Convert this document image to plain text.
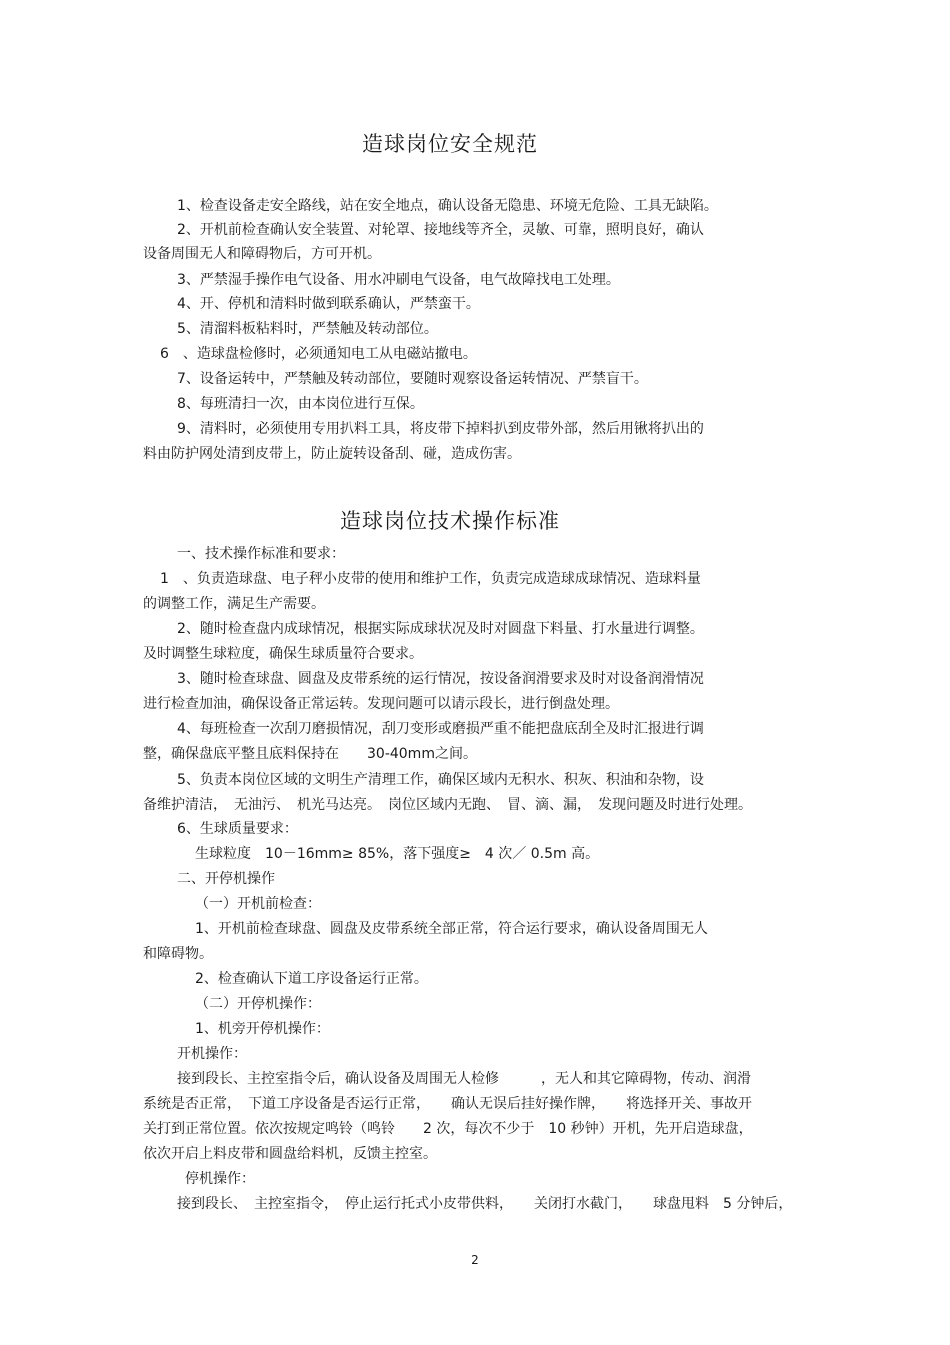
造球岗位安全规范
1、检查设备走安全路线，站在安全地点，确认设备无隐患、环境无危险、工具无缺陷。
2、开机前检查确认安全装置、对轮罩、接地线等齐全，灵敏、可靠，照明良好，确认
设备周围无人和障碍物后，方可开机。
3、严禁湿手操作电气设备、用水冲刷电气设备，电气故障找电工处理。
4、开、停机和清料时做到联系确认，严禁蛮干。
5、清溜料板粘料时，严禁触及转动部位。
6　、造球盘检修时，必须通知电工从电磁站撤电。
7、设备运转中，严禁触及转动部位，要随时观察设备运转情况、严禁盲干。
8、每班清扫一次，由本岗位进行互保。
9、清料时，必须使用专用扒料工具，将皮带下掉料扒到皮带外部，然后用锹将扒出的
料由防护网处清到皮带上，防止旋转设备刮、碰，造成伤害。
造球岗位技术操作标准
一、技术操作标准和要求：
1　、负责造球盘、电子秤小皮带的使用和维护工作，负责完成造球成球情况、造球料量
的调整工作，满足生产需要。
2、随时检查盘内成球情况，根据实际成球状况及时对圆盘下料量、打水量进行调整。
及时调整生球粒度，确保生球质量符合要求。
3、随时检查球盘、圆盘及皮带系统的运行情况，按设备润滑要求及时对设备润滑情况
进行检查加油，确保设备正常运转。发现问题可以请示段长，进行倒盘处理。
4、每班检查一次刮刀磨损情况，刮刀变形或磨损严重不能把盘底刮全及时汇报进行调
整，确保盘底平整且底料保持在　　30-40mm之间。
5、负责本岗位区域的文明生产清理工作，确保区域内无积水、积灰、积油和杂物，设
备维护清洁，　无油污、　机光马达亮。　岗位区域内无跑、　冒、滴、漏，　发现问题及时进行处理。
6、生球质量要求：
生球粒度　10－16mm≥ 85%，落下强度≥　4 次／ 0.5m 高。
二、开停机操作
（一）开机前检查：
1、开机前检查球盘、圆盘及皮带系统全部正常，符合运行要求，确认设备周围无人
和障碍物。
2、检查确认下道工序设备运行正常。
（二）开停机操作：
1、机旁开停机操作：
开机操作：
接到段长、主控室指令后，确认设备及周围无人检修　　　，无人和其它障碍物，传动、润滑
系统是否正常，　下道工序设备是否运行正常，　　确认无误后挂好操作牌，　　将选择开关、事故开
关打到正常位置。依次按规定鸣铃（鸣铃　　2 次，每次不少于　10 秒钟）开机，先开启造球盘，
依次开启上料皮带和圆盘给料机，反馈主控室。
停机操作：
接到段长、　主控室指令，　停止运行托式小皮带供料，　　关闭打水截门，　　球盘甩料　5 分钟后，
2
